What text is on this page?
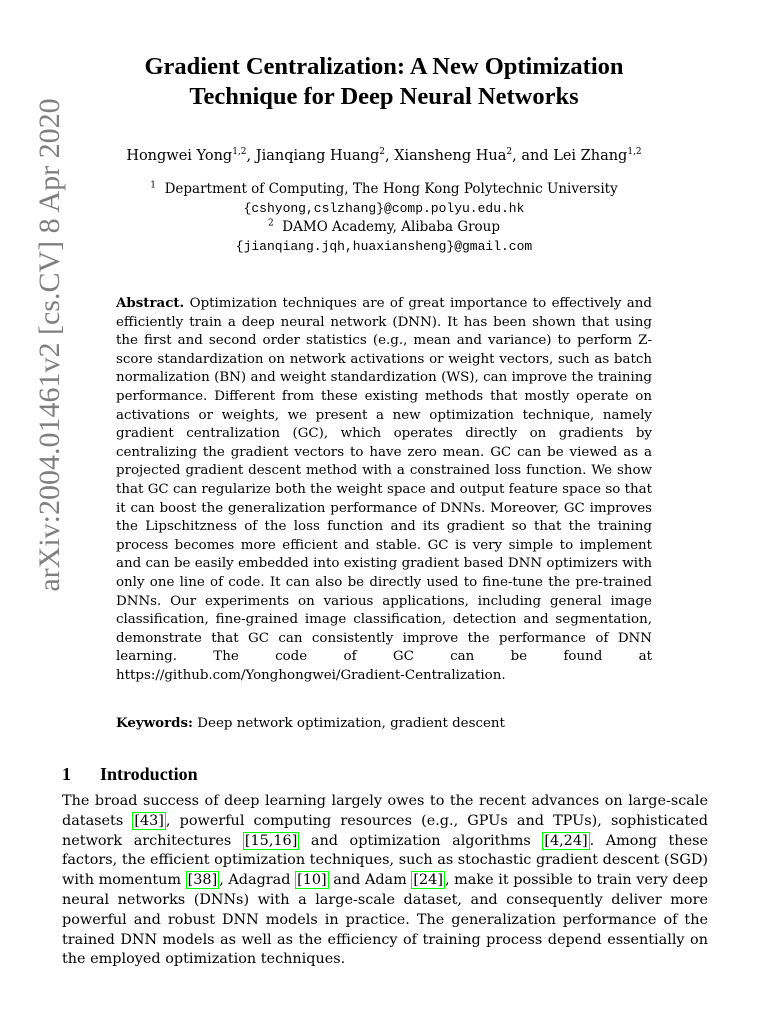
arXiv:2004.01461v2 [cs.CV] 8 Apr 2020
Gradient Centralization: A New Optimization
Technique for Deep Neural Networks
Hongwei Yong$^{1,2}$, Jianqiang Huang$^2$, Xiansheng Hua$^2$, and Lei Zhang$^{1,2}$
$^1$ Department of Computing, The Hong Kong Polytechnic University
{cshyong,cslzhang}@comp.polyu.edu.hk
$^2$ DAMO Academy, Alibaba Group
{jianqiang.jqh,huaxiansheng}@gmail.com
Abstract. Optimization techniques are of great importance to effectively and efficiently train a deep neural network (DNN). It has been shown that using the first and second order statistics (e.g., mean and variance) to perform Z-score standardization on network activations or weight vectors, such as batch normalization (BN) and weight standardization (WS), can improve the training performance. Different from these existing methods that mostly operate on activations or weights, we present a new optimization technique, namely gradient centralization (GC), which operates directly on gradients by centralizing the gradient vectors to have zero mean. GC can be viewed as a projected gradient descent method with a constrained loss function. We show that GC can regularize both the weight space and output feature space so that it can boost the generalization performance of DNNs. Moreover, GC improves the Lipschitzness of the loss function and its gradient so that the training process becomes more efficient and stable. GC is very simple to implement and can be easily embedded into existing gradient based DNN optimizers with only one line of code. It can also be directly used to fine-tune the pre-trained DNNs. Our experiments on various applications, including general image classification, fine-grained image classification, detection and segmentation, demonstrate that GC can consistently improve the performance of DNN learning. The code of GC can be found at https://github.com/Yonghongwei/Gradient-Centralization.
Keywords: Deep network optimization, gradient descent
1 Introduction
The broad success of deep learning largely owes to the recent advances on large-scale datasets [43] , powerful computing resources (e.g., GPUs and TPUs), sophisticated network architectures [15,16] and optimization algorithms [4,24] . Among these factors, the efficient optimization techniques, such as stochastic gradient descent (SGD) with momentum [38] , Adagrad [10] and Adam [24] , make it possible to train very deep neural networks (DNNs) with a large-scale dataset, and consequently deliver more powerful and robust DNN models in practice. The generalization performance of the trained DNN models as well as the efficiency of training process depend essentially on the employed optimization techniques.
